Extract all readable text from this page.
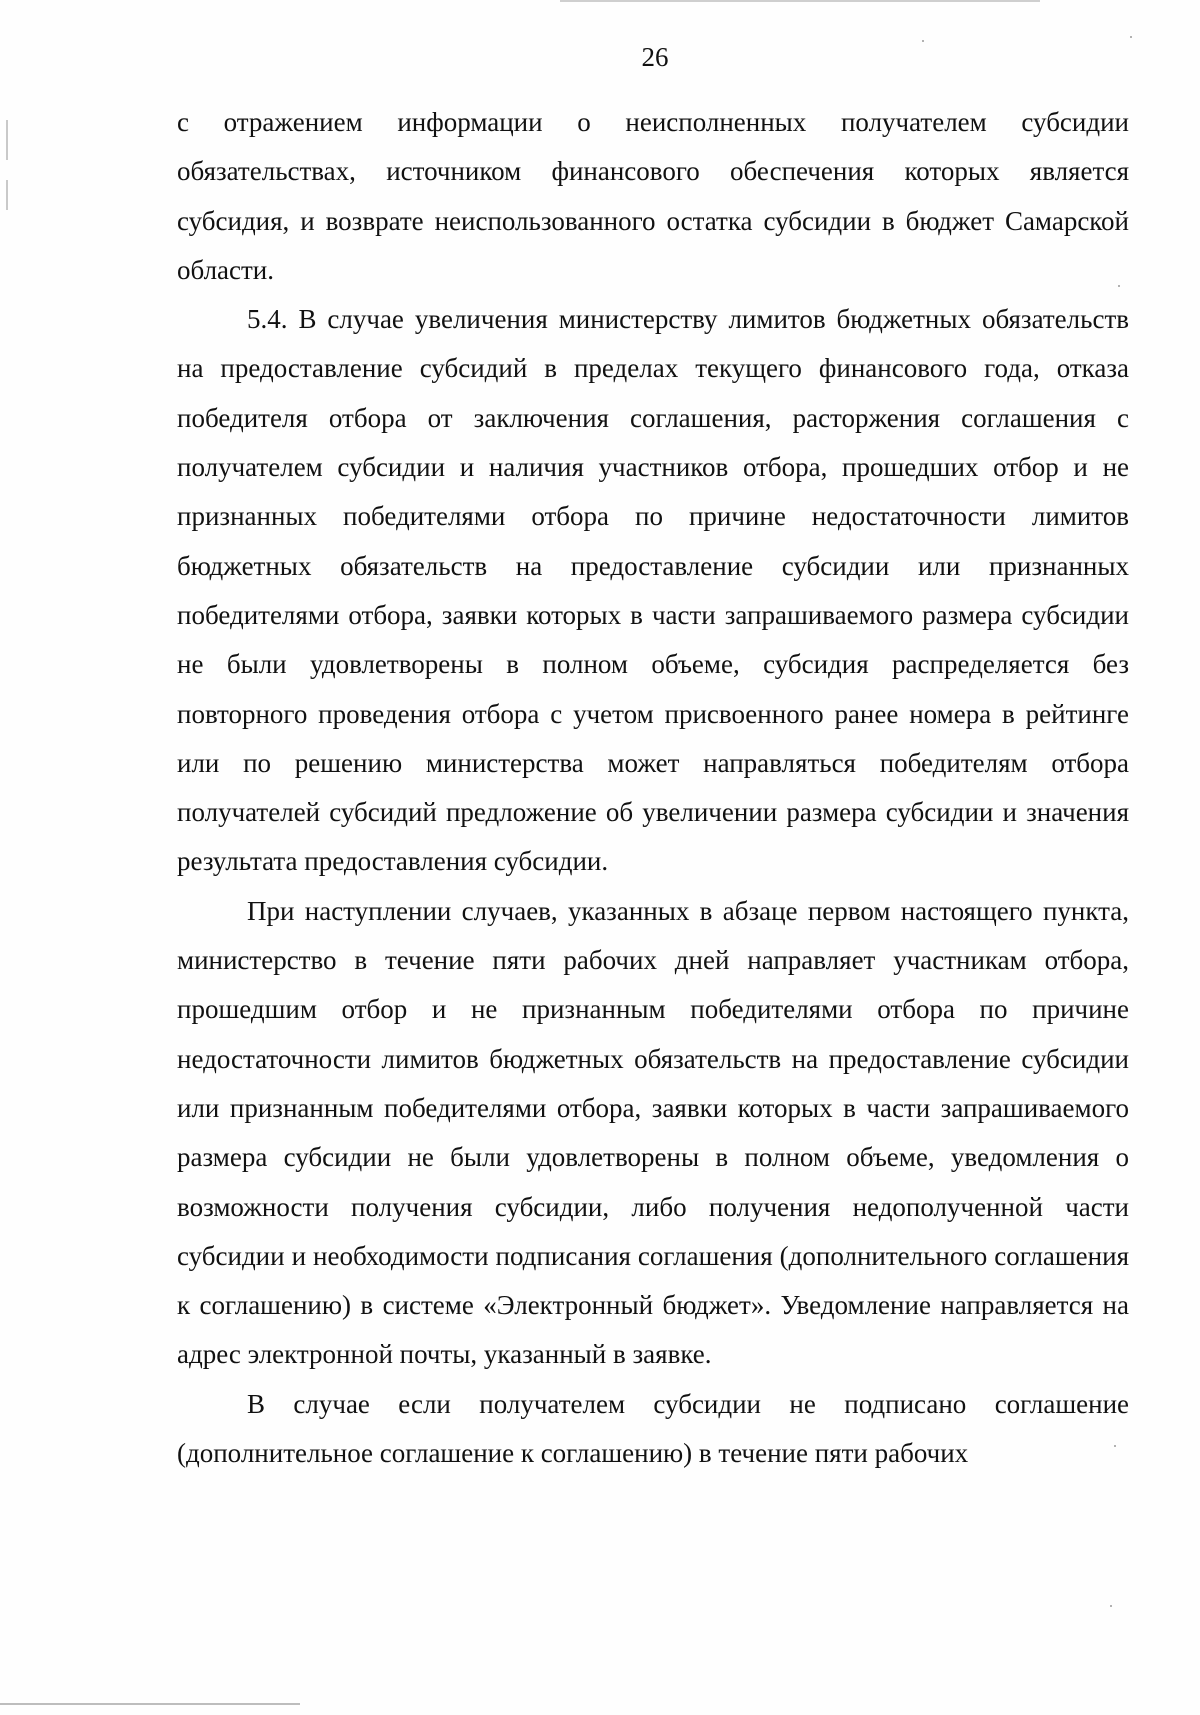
26

с отражением информации о неисполненных получателем субсидии обязательствах, источником финансового обеспечения которых является субсидия, и возврате неиспользованного остатка субсидии в бюджет Самарской области.

5.4. В случае увеличения министерству лимитов бюджетных обязательств на предоставление субсидий в пределах текущего финансового года, отказа победителя отбора от заключения соглашения, расторжения соглашения с получателем субсидии и наличия участников отбора, прошедших отбор и не признанных победителями отбора по причине недостаточности лимитов бюджетных обязательств на предоставление субсидии или признанных победителями отбора, заявки которых в части запрашиваемого размера субсидии не были удовлетворены в полном объеме, субсидия распределяется без повторного проведения отбора с учетом присвоенного ранее номера в рейтинге или по решению министерства может направляться победителям отбора получателей субсидий предложение об увеличении размера субсидии и значения результата предоставления субсидии.

При наступлении случаев, указанных в абзаце первом настоящего пункта, министерство в течение пяти рабочих дней направляет участникам отбора, прошедшим отбор и не признанным победителями отбора по причине недостаточности лимитов бюджетных обязательств на предоставление субсидии или признанным победителями отбора, заявки которых в части запрашиваемого размера субсидии не были удовлетворены в полном объеме, уведомления о возможности получения субсидии, либо получения недополученной части субсидии и необходимости подписания соглашения (дополнительного соглашения к соглашению) в системе «Электронный бюджет». Уведомление направляется на адрес электронной почты, указанный в заявке.

В случае если получателем субсидии не подписано соглашение (дополнительное соглашение к соглашению) в течение пяти рабочих
